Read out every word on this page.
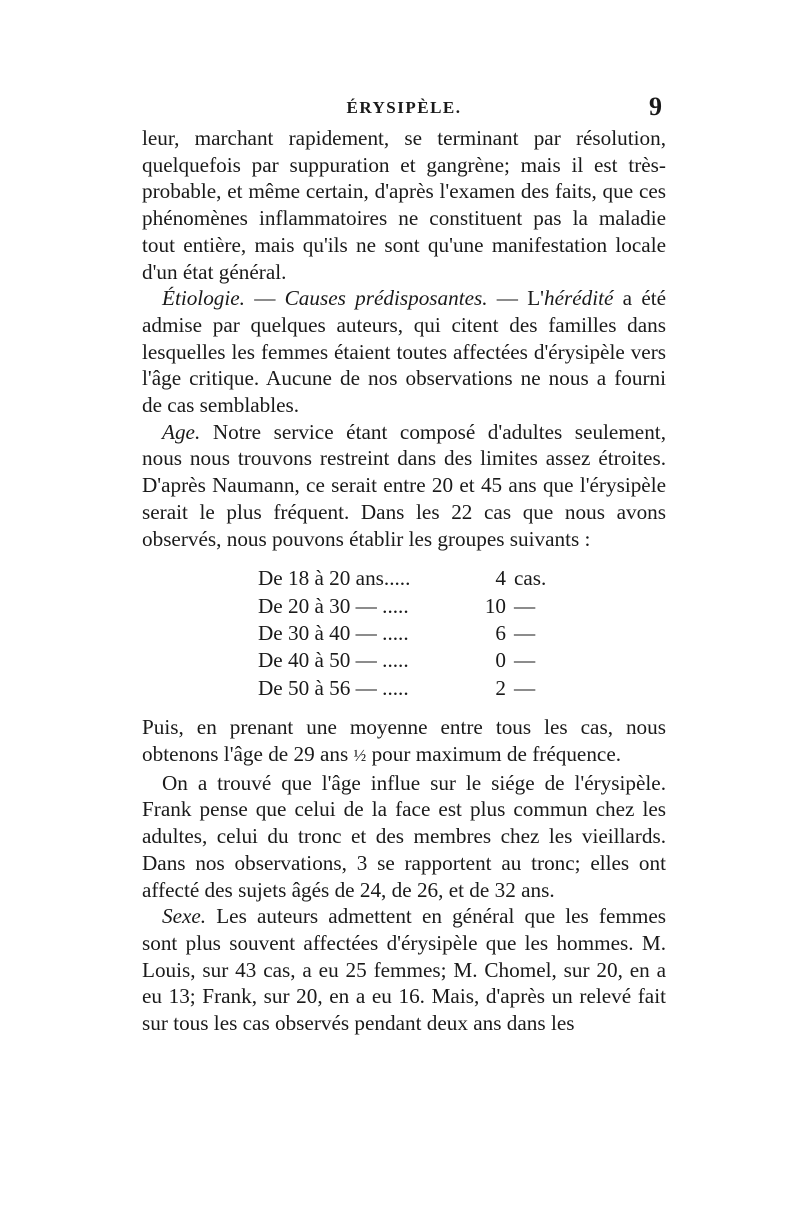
ÉRYSIPÈLE.	9

leur, marchant rapidement, se terminant par résolution, quelquefois par suppuration et gangrène; mais il est très-probable, et même certain, d'après l'examen des faits, que ces phénomènes inflammatoires ne constituent pas la maladie tout entière, mais qu'ils ne sont qu'une manifestation locale d'un état général.

Étiologie. — Causes prédisposantes. — L'hérédité a été admise par quelques auteurs, qui citent des familles dans lesquelles les femmes étaient toutes affectées d'érysipèle vers l'âge critique. Aucune de nos observations ne nous a fourni de cas semblables.

Age. Notre service étant composé d'adultes seulement, nous nous trouvons restreint dans des limites assez étroites. D'après Naumann, ce serait entre 20 et 45 ans que l'érysipèle serait le plus fréquent. Dans les 22 cas que nous avons observés, nous pouvons établir les groupes suivants :

De 18 à 20 ans.....	4	cas.
De 20 à 30 — .....	10	—
De 30 à 40 — .....	6	—
De 40 à 50 — .....	0	—
De 50 à 56 — .....	2	—

Puis, en prenant une moyenne entre tous les cas, nous obtenons l'âge de 29 ans ½ pour maximum de fréquence.

On a trouvé que l'âge influe sur le siége de l'érysipèle. Frank pense que celui de la face est plus commun chez les adultes, celui du tronc et des membres chez les vieillards. Dans nos observations, 3 se rapportent au tronc; elles ont affecté des sujets âgés de 24, de 26, et de 32 ans.

Sexe. Les auteurs admettent en général que les femmes sont plus souvent affectées d'érysipèle que les hommes. M. Louis, sur 43 cas, a eu 25 femmes; M. Chomel, sur 20, en a eu 13; Frank, sur 20, en a eu 16. Mais, d'après un relevé fait sur tous les cas observés pendant deux ans dans les
